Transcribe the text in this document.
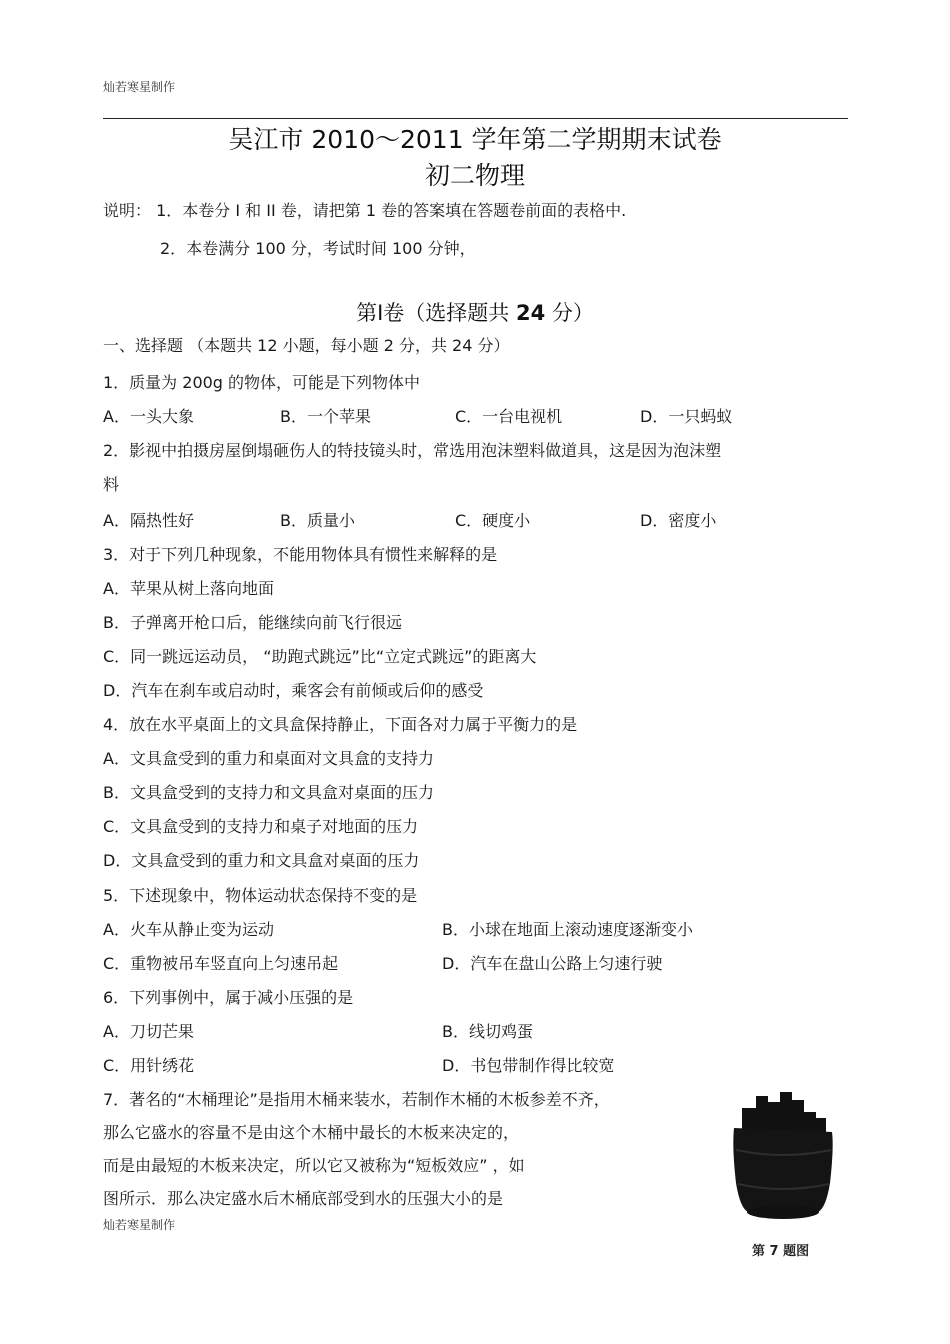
灿若寒星制作
吴江市 2010～2011 学年第二学期期末试卷
初二物理
说明： 1．本卷分 I 和 II 卷，请把第 1 卷的答案填在答题卷前面的表格中.
2．本卷满分 100 分，考试时间 100 分钟，
第Ⅰ卷（选择题共 24 分）
一、选择题 （本题共 12 小题，每小题 2 分，共 24 分）
1．质量为 200g 的物体，可能是下列物体中
A．一头大象	B．一个苹果	C．一台电视机	D．一只蚂蚁
2．影视中拍摄房屋倒塌砸伤人的特技镜头时，常选用泡沫塑料做道具，这是因为泡沫塑
料
A．隔热性好	B．质量小	C．硬度小	D．密度小
3．对于下列几种现象，不能用物体具有惯性来解释的是
A．苹果从树上落向地面
B．子弹离开枪口后，能继续向前飞行很远
C．同一跳远运动员， “助跑式跳远”比“立定式跳远”的距离大
D．汽车在刹车或启动时，乘客会有前倾或后仰的感受
4．放在水平桌面上的文具盒保持静止，下面各对力属于平衡力的是
A．文具盒受到的重力和桌面对文具盒的支持力
B．文具盒受到的支持力和文具盒对桌面的压力
C．文具盒受到的支持力和桌子对地面的压力
D．文具盒受到的重力和文具盒对桌面的压力
5．下述现象中，物体运动状态保持不变的是
A．火车从静止变为运动	B．小球在地面上滚动速度逐渐变小
C．重物被吊车竖直向上匀速吊起	D．汽车在盘山公路上匀速行驶
6．下列事例中，属于减小压强的是
A．刀切芒果	B．线切鸡蛋
C．用针绣花	D．书包带制作得比较宽
7．著名的“木桶理论”是指用木桶来装水，若制作木桶的木板参差不齐，
那么它盛水的容量不是由这个木桶中最长的木板来决定的，
而是由最短的木板来决定，所以它又被称为“短板效应” ，如
图所示．那么决定盛水后木桶底部受到水的压强大小的是
第 7 题图
灿若寒星制作
